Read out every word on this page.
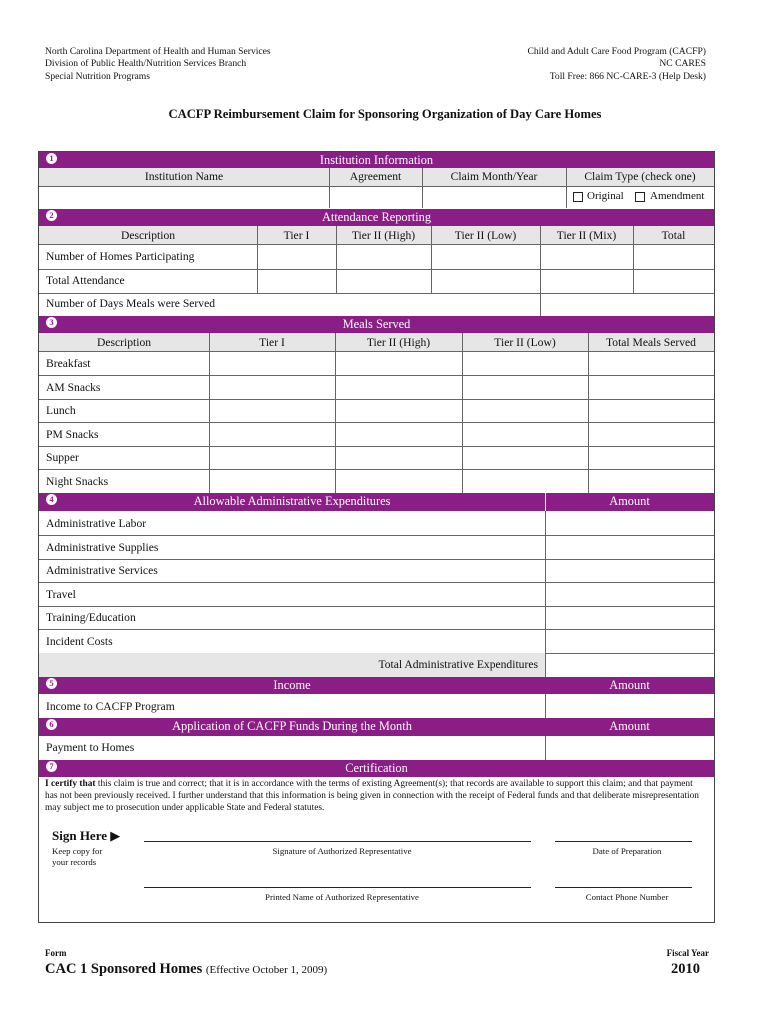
North Carolina Department of Health and Human Services
Division of Public Health/Nutrition Services Branch
Special Nutrition Programs
Child and Adult Care Food Program (CACFP)
NC CARES
Toll Free: 866 NC-CARE-3 (Help Desk)
CACFP Reimbursement Claim for Sponsoring Organization of Day Care Homes
1	Institution Information
Institution Name	Agreement	Claim Month/Year	Claim Type (check one)
Original Amendment
2	Attendance Reporting
Description	Tier I	Tier II (High)	Tier II (Low)	Tier II (Mix)	Total
Number of Homes Participating
Total Attendance
Number of Days Meals were Served
3	Meals Served
Description	Tier I	Tier II (High)	Tier II (Low)	Total Meals Served
Breakfast
AM Snacks
Lunch
PM Snacks
Supper
Night Snacks
4	Allowable Administrative Expenditures	Amount
Administrative Labor
Administrative Supplies
Administrative Services
Travel
Training/Education
Incident Costs
Total Administrative Expenditures
5	Income	Amount
Income to CACFP Program
6	Application of CACFP Funds During the Month	Amount
Payment to Homes
7	Certification
I certify that this claim is true and correct; that it is in accordance with the terms of existing Agreement(s); that records are available to support this claim; and that payment has not been previously received. I further understand that this information is being given in connection with the receipt of Federal funds and that deliberate misrepresentation may subject me to prosecution under applicable State and Federal statutes.
Sign Here ▶
Keep copy for
your records
Signature of Authorized Representative	Date of Preparation
Printed Name of Authorized Representative	Contact Phone Number
Form
CAC 1 Sponsored Homes (Effective October 1, 2009)
Fiscal Year
2010
